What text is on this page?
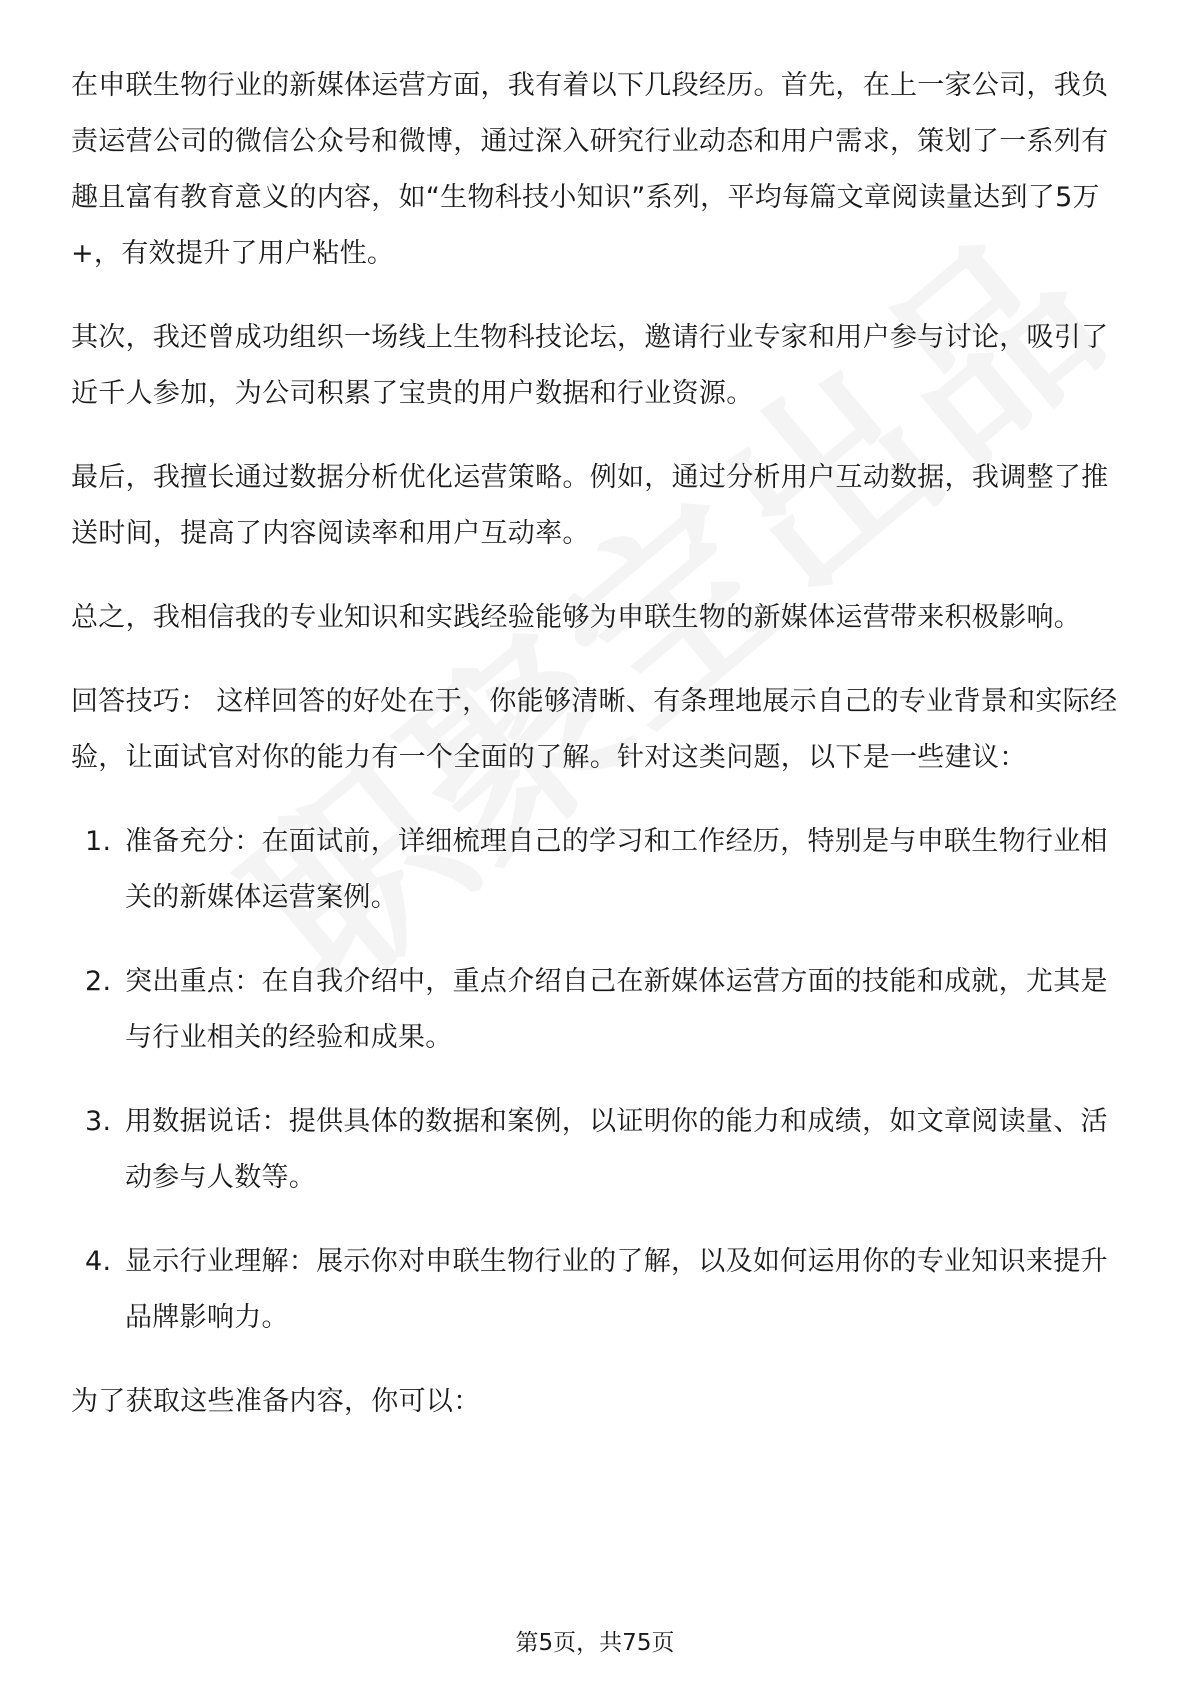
在申联生物行业的新媒体运营方面，我有着以下几段经历。首先，在上一家公司，我负责运营公司的微信公众号和微博，通过深入研究行业动态和用户需求，策划了一系列有趣且富有教育意义的内容，如“生物科技小知识”系列，平均每篇文章阅读量达到了5万+，有效提升了用户粘性。

其次，我还曾成功组织一场线上生物科技论坛，邀请行业专家和用户参与讨论，吸引了近千人参加，为公司积累了宝贵的用户数据和行业资源。

最后，我擅长通过数据分析优化运营策略。例如，通过分析用户互动数据，我调整了推送时间，提高了内容阅读率和用户互动率。

总之，我相信我的专业知识和实践经验能够为申联生物的新媒体运营带来积极影响。

回答技巧： 这样回答的好处在于，你能够清晰、有条理地展示自己的专业背景和实际经验，让面试官对你的能力有一个全面的了解。针对这类问题，以下是一些建议：

1. 准备充分：在面试前，详细梳理自己的学习和工作经历，特别是与申联生物行业相关的新媒体运营案例。
2. 突出重点：在自我介绍中，重点介绍自己在新媒体运营方面的技能和成就，尤其是与行业相关的经验和成果。
3. 用数据说话：提供具体的数据和案例，以证明你的能力和成绩，如文章阅读量、活动参与人数等。
4. 显示行业理解：展示你对申联生物行业的了解，以及如何运用你的专业知识来提升品牌影响力。

为了获取这些准备内容，你可以：

第5页，共75页
